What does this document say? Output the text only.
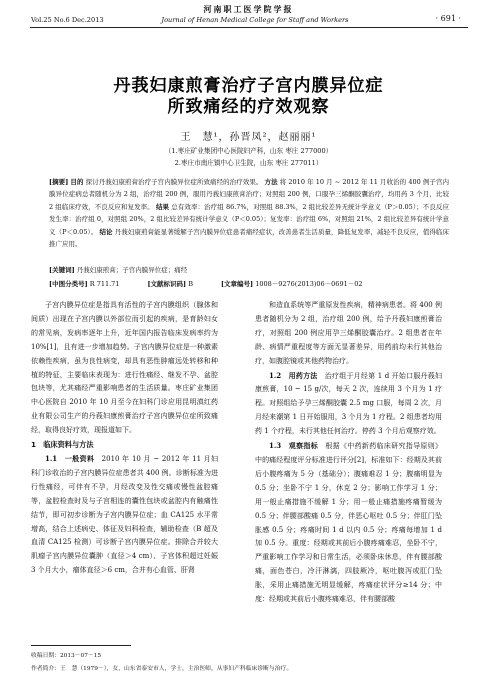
河南职工医学院学报
Vol.25 No.6 Dec.2013	Journal of Henan Medical College for Staff and Workers	· 691 ·
丹莪妇康煎膏治疗子宫内膜异位症
所致痛经的疗效观察
王　慧¹，孙晋凤²，赵丽丽¹
（1.枣庄矿业集团中心医院妇产科，山东 枣庄 277000）
2.枣庄市南庄镇中心卫生院，山东 枣庄 277011）
[摘要] 目的 探讨丹莪妇康煎膏治疗子宫内膜异位症所致痛经的治疗效果。 方法 将 2010 年 10 月 ~ 2012 年 11 月收治的 400 例子宫内膜异位症病总者随机分为 2 组，治疗组 200 例，服用丹莪妇康煎膏治疗；对照组 200 例，口服孕三烯酮胶囊治疗，均用药 3 个月，比较 2 组临床疗效，不良反应和复发率。 结果 总有效率：治疗组 86.7%，对照组 88.3%，2 组比较差异无统计学意义（P＞0.05）；不良反应发生率：治疗组 0，对照组 20%，2 组比较差异有统计学意义（P＜0.05）；复发率：治疗组 6%，对照组 21%，2 组比较差异有统计学意义（P＜0.05）。 结论 丹莪妇康煎膏能显著缓解子宫内膜异位症患者痛经症状，改善患者生活质量，降低复发率，减轻不良反应，值得临床推广应用。
[关键词] 丹莪妇康煎膏；子宫内膜异位症；痛经
[中图分类号] R 711.71	[文献标识码] B	[文章编号] 1008－9276(2013)06－0691－02

子宫内膜异位症是指具有活性的子宫内膜组织（腺体和间质）出现在子宫内膜以外部位而引起的疾病，是育龄妇女的常见病，发病率逐年上升，近年国内报告临床发病率约为 10%[1]，且有进一步增加趋势。子宫内膜异位症是一种激素依赖性疾病，虽为良性病变，却具有恶性肿瘤远处转移和种植的特征，主要临床表现为：进行性痛经、继发不孕、盆腔包块等，尤其痛经严重影响患者的生活质量。枣庄矿业集团中心医院自 2010 年 10 月至今在妇科门诊应用昆明滇红药业有限公司生产的丹莪妇康煎膏治疗子宫内膜异位症所致痛经，取得良好疗效，现报道如下。

1　临床资料与方法

1.1　一般资料　 2010 年 10 月 ~ 2012 年 11 月妇科门诊收治的子宫内膜异位症患者共 400 例。诊断标准为进行性痛经，可伴有不孕，月经改变及性交痛或慢性盆腔痛等，盆腔检查时及与子宫相连的囊性包块或盆腔内有触痛性结节，即可初步诊断为子宫内膜异位症；血 CA125 水平常增高，结合上述病史、体征及妇科检查，辅助检查（B 超及血清 CA125 检测）可诊断子宫内膜异位症。排除合并较大肌瘤子宫内膜异位囊肿（直径＞4 cm）、子宫体积超过妊娠 3 个月大小，瘤体直径＞6 cm，合并有心血管、肝肾

和造血系统等严重原发性疾病，精神病患者。将 400 例患者随机分为 2 组，治疗组 200 例，给予丹莪妇康煎膏治疗，对照组 200 例应用孕三烯酮胶囊治疗。2 组患者在年龄、病情严重程度等方面无显著差异，用药前均未行其他治疗，如腹腔镜或其他药物治疗。

1.2　用药方法　 治疗组于月经第 1 d 开始口服丹莪妇康煎膏，10 ~ 15 g/次，每天 2 次，连续用 3 个月为 1 疗程。对照组给予孕三烯酮胶囊 2.5 mg 口服，每周 2 次，月月经来潮第 1 日开始服用，3 个月为 1 疗程。2 组患者均用药 1 个疗程，未行其他任何治疗。停药 3 个月后观察疗效。

1.3　观察指标　 根据《中药新药临床研究指导原则》中的痛经程度评分标准进行评分[2]，标准如下：经期及其前后小腹疼痛为 5 分（基础分）；腹痛难忍 1 分；腹痛明显为 0.5 分；坐卧不宁 1 分，休克 2 分；影响工作学习 1 分；用一般止痛措施不缓解 1 分；用一般止痛措施疼痛暂缓为 0.5 分；伴腰部酸痛 0.5 分，伴恶心呕吐 0.5 分；伴肛门坠胀感 0.5 分；疼痛时间 1 d 以内 0.5 分；疼痛每增加 1 d 加 0.5 分。重度：经期或其前后小腹疼痛难忍，坐卧不宁，严重影响工作学习和日常生活，必须卧床休息，伴有腰部酸痛，面色苍白，冷汗淋漓，四肢厥冷，呕吐腹泻或肛门坠胀，采用止痛措施无明显缓解，疼痛症状评分≥14 分；中度：经期或其前后小腹疼痛难忍，伴有腰部酸

收稿日期：2013－07－15
作者简介：王　慧（1979－），女，山东省泰安市人，学士，主治医师，从事妇产科临床诊断与治疗。
